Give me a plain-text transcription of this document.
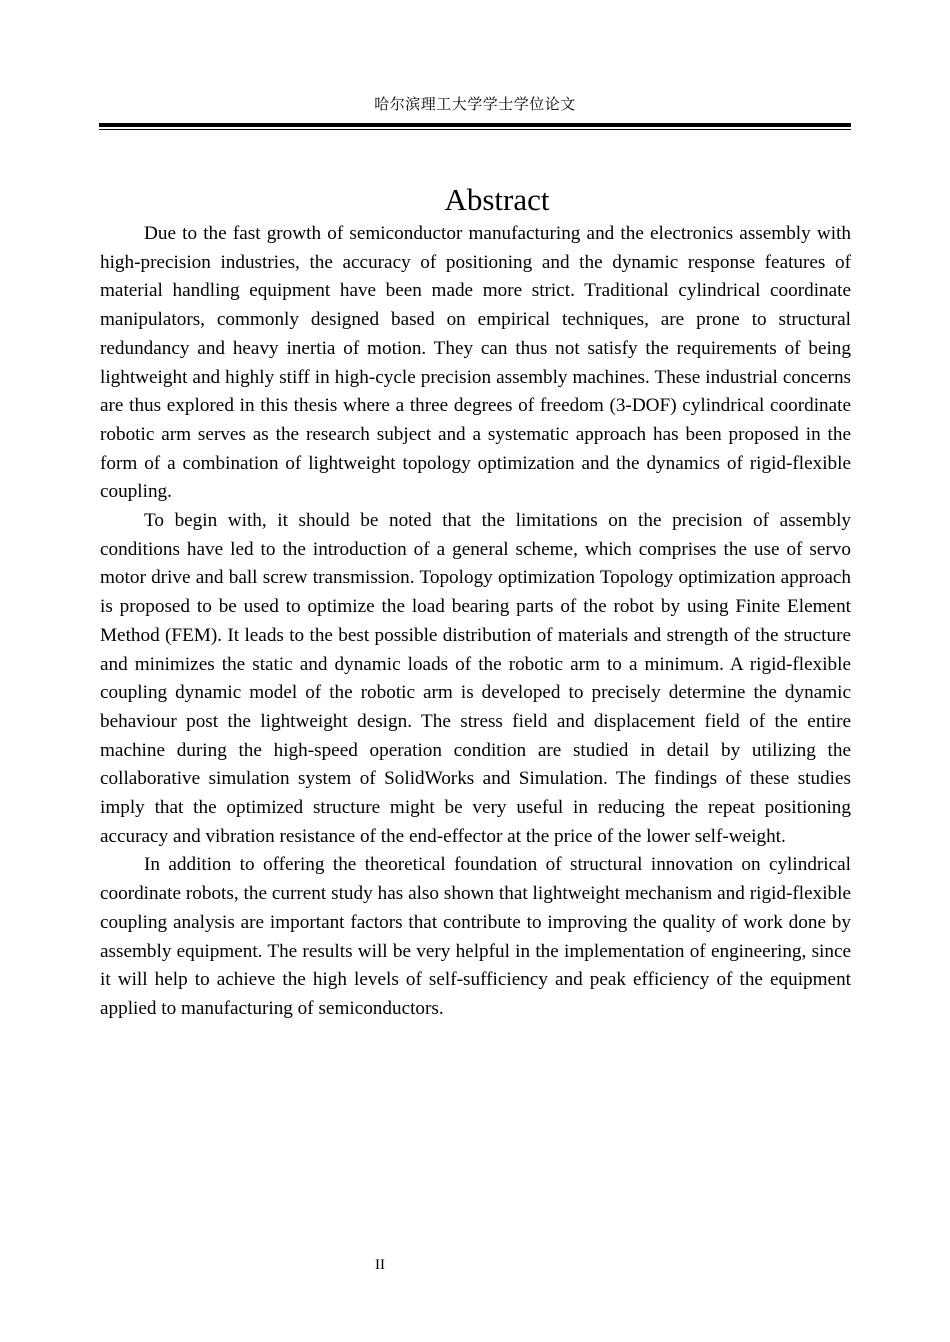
哈尔滨理工大学学士学位论文
Abstract

Due to the fast growth of semiconductor manufacturing and the electronics assembly with high-precision industries, the accuracy of positioning and the dynamic response features of material handling equipment have been made more strict. Traditional cylindrical coordinate manipulators, commonly designed based on empirical techniques, are prone to structural redundancy and heavy inertia of motion. They can thus not satisfy the requirements of being lightweight and highly stiff in high-cycle precision assembly machines. These industrial concerns are thus explored in this thesis where a three degrees of freedom (3-DOF) cylindrical coordinate robotic arm serves as the research subject and a systematic approach has been proposed in the form of a combination of lightweight topology optimization and the dynamics of rigid-flexible coupling.

To begin with, it should be noted that the limitations on the precision of assembly conditions have led to the introduction of a general scheme, which comprises the use of servo motor drive and ball screw transmission. Topology optimization Topology optimization approach is proposed to be used to optimize the load bearing parts of the robot by using Finite Element Method (FEM). It leads to the best possible distribution of materials and strength of the structure and minimizes the static and dynamic loads of the robotic arm to a minimum. A rigid-flexible coupling dynamic model of the robotic arm is developed to precisely determine the dynamic behaviour post the lightweight design. The stress field and displacement field of the entire machine during the high-speed operation condition are studied in detail by utilizing the collaborative simulation system of SolidWorks and Simulation. The findings of these studies imply that the optimized structure might be very useful in reducing the repeat positioning accuracy and vibration resistance of the end-effector at the price of the lower self-weight.

In addition to offering the theoretical foundation of structural innovation on cylindrical coordinate robots, the current study has also shown that lightweight mechanism and rigid-flexible coupling analysis are important factors that contribute to improving the quality of work done by assembly equipment. The results will be very helpful in the implementation of engineering, since it will help to achieve the high levels of self-sufficiency and peak efficiency of the equipment applied to manufacturing of semiconductors.

II
